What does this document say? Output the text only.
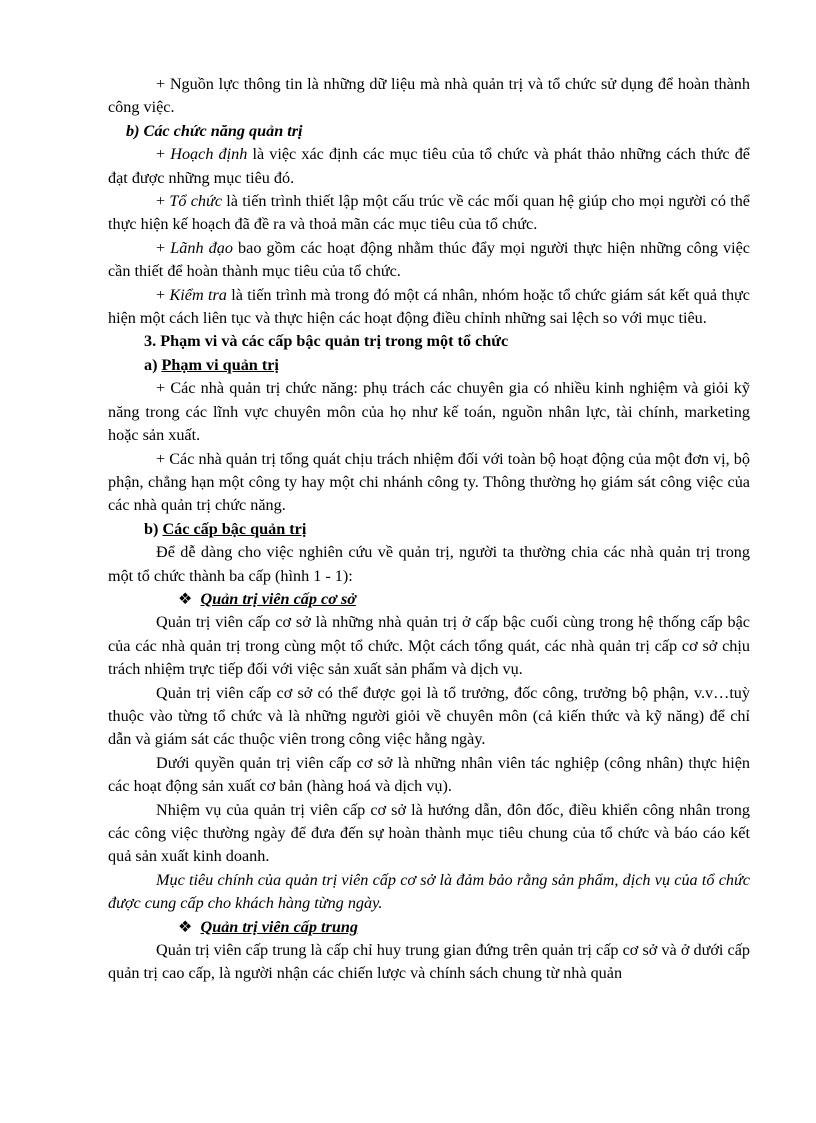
+ Nguồn lực thông tin là những dữ liệu mà nhà quản trị và tổ chức sử dụng để hoàn thành công việc.

b) Các chức năng quản trị

+ Hoạch định là việc xác định các mục tiêu của tổ chức và phát thảo những cách thức để đạt được những mục tiêu đó.

+ Tổ chức là tiến trình thiết lập một cấu trúc về các mối quan hệ giúp cho mọi người có thể thực hiện kế hoạch đã đề ra và thoả mãn các mục tiêu của tổ chức.

+ Lãnh đạo bao gồm các hoạt động nhằm thúc đẩy mọi người thực hiện những công việc cần thiết để hoàn thành mục tiêu của tổ chức.

+ Kiểm tra là tiến trình mà trong đó một cá nhân, nhóm hoặc tổ chức giám sát kết quả thực hiện một cách liên tục và thực hiện các hoạt động điều chỉnh những sai lệch so với mục tiêu.

3. Phạm vi và các cấp bậc quản trị trong một tổ chức

a) Phạm vi quản trị

+ Các nhà quản trị chức năng: phụ trách các chuyên gia có nhiều kinh nghiệm và giỏi kỹ năng trong các lĩnh vực chuyên môn của họ như kế toán, nguồn nhân lực, tài chính, marketing hoặc sản xuất.

+ Các nhà quản trị tổng quát chịu trách nhiệm đối với toàn bộ hoạt động của một đơn vị, bộ phận, chẳng hạn một công ty hay một chi nhánh công ty. Thông thường họ giám sát công việc của các nhà quản trị chức năng.

b) Các cấp bậc quản trị

Để dễ dàng cho việc nghiên cứu về quản trị, người ta thường chia các nhà quản trị trong một tổ chức thành ba cấp (hình 1 - 1):

❖ Quản trị viên cấp cơ sở

Quản trị viên cấp cơ sở là những nhà quản trị ở cấp bậc cuối cùng trong hệ thống cấp bậc của các nhà quản trị trong cùng một tổ chức. Một cách tổng quát, các nhà quản trị cấp cơ sở chịu trách nhiệm trực tiếp đối với việc sản xuất sản phẩm và dịch vụ.

Quản trị viên cấp cơ sở có thể được gọi là tổ trưởng, đốc công, trưởng bộ phận, v.v…tuỳ thuộc vào từng tổ chức và là những người giỏi về chuyên môn (cả kiến thức và kỹ năng) để chỉ dẫn và giám sát các thuộc viên trong công việc hằng ngày.

Dưới quyền quản trị viên cấp cơ sở là những nhân viên tác nghiệp (công nhân) thực hiện các hoạt động sản xuất cơ bản (hàng hoá và dịch vụ).

Nhiệm vụ của quản trị viên cấp cơ sở là hướng dẫn, đôn đốc, điều khiển công nhân trong các công việc thường ngày để đưa đến sự hoàn thành mục tiêu chung của tổ chức và báo cáo kết quả sản xuất kinh doanh.

Mục tiêu chính của quản trị viên cấp cơ sở là đảm bảo rằng sản phẩm, dịch vụ của tổ chức được cung cấp cho khách hàng từng ngày.

❖ Quản trị viên cấp trung

Quản trị viên cấp trung là cấp chỉ huy trung gian đứng trên quản trị cấp cơ sở và ở dưới cấp quản trị cao cấp, là người nhận các chiến lược và chính sách chung từ nhà quản
